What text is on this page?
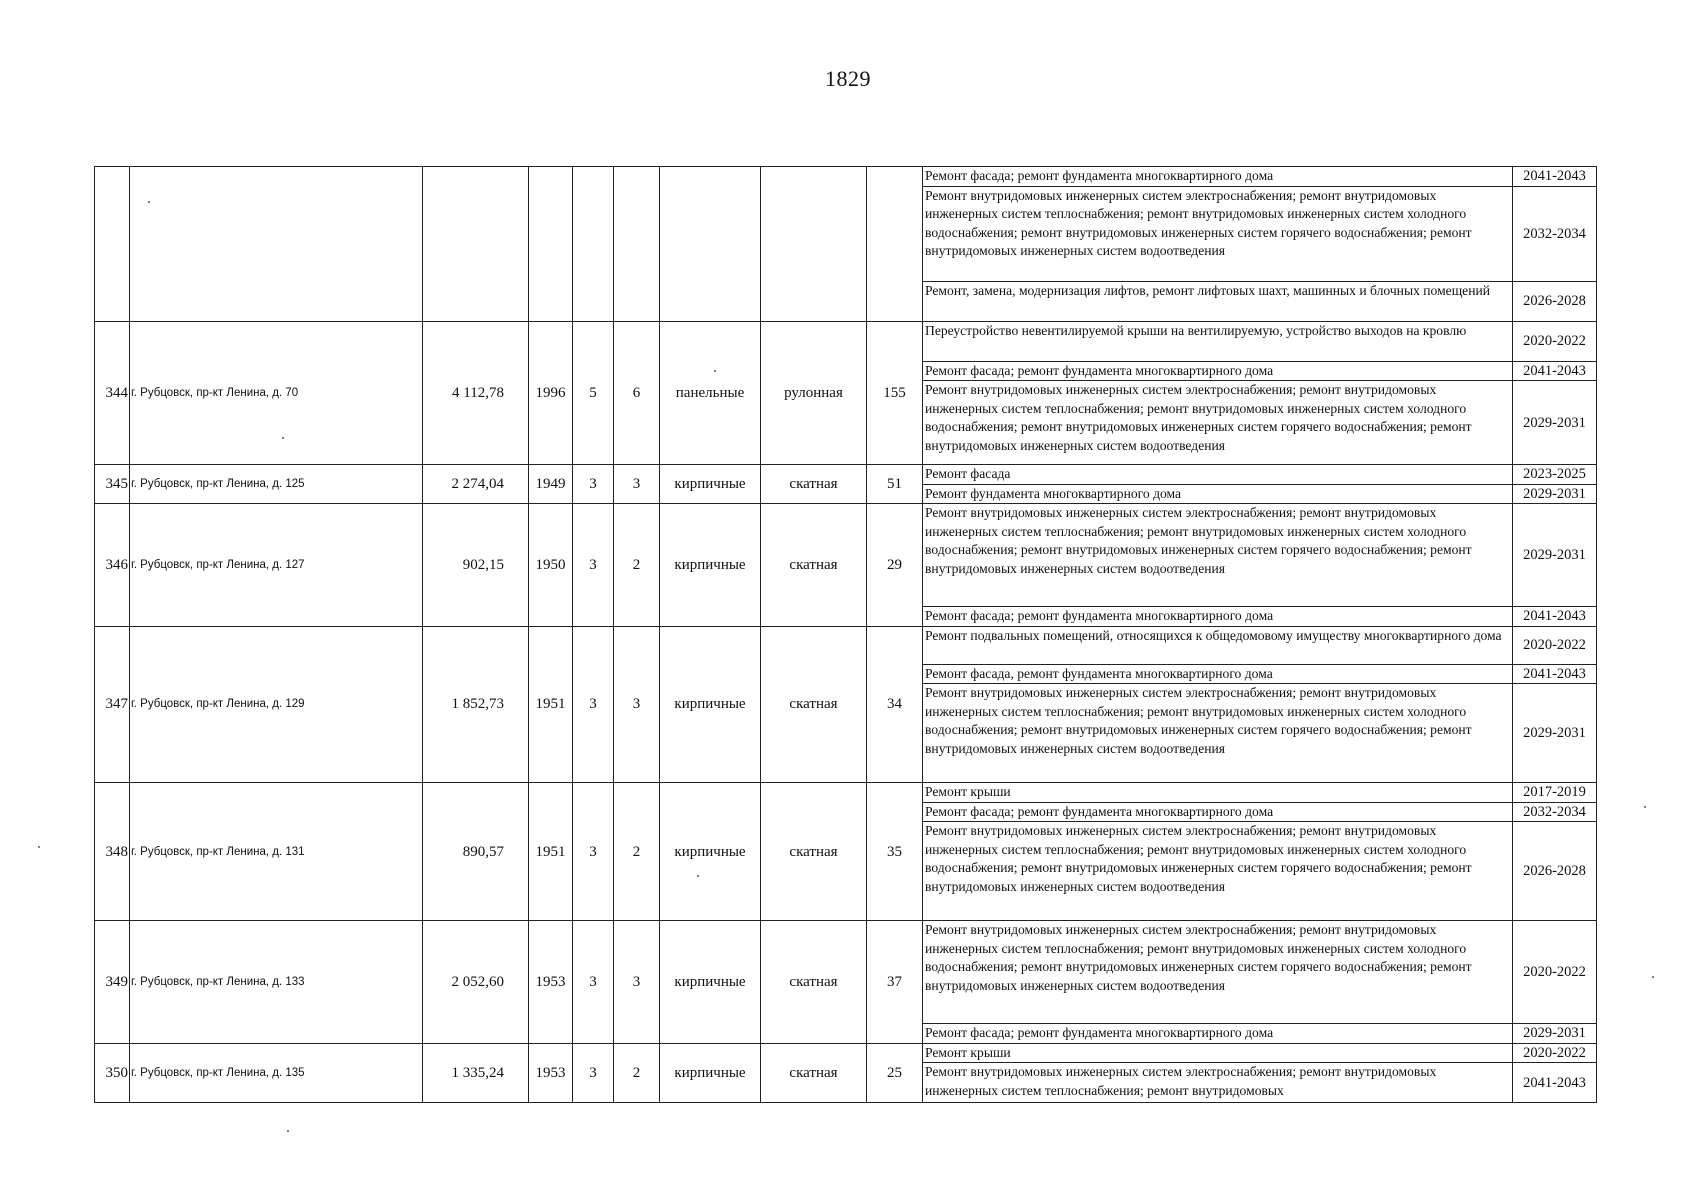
1829
									Ремонт фасада; ремонт фундамента многоквартирного дома	2041-2043
									Ремонт внутридомовых инженерных систем электроснабжения; ремонт внутридомовых инженерных систем теплоснабжения; ремонт внутридомовых инженерных систем холодного водоснабжения; ремонт внутридомовых инженерных систем горячего водоснабжения; ремонт внутридомовых инженерных систем водоотведения	2032-2034
									Ремонт, замена, модернизация лифтов, ремонт лифтовых шахт, машинных и блочных помещений	2026-2028
344	г. Рубцовск, пр-кт Ленина, д. 70	4 112,78	1996	5	6	панельные	рулонная	155	Переустройство невентилируемой крыши на вентилируемую, устройство выходов на кровлю	2020-2022
									Ремонт фасада; ремонт фундамента многоквартирного дома	2041-2043
									Ремонт внутридомовых инженерных систем электроснабжения; ремонт внутридомовых инженерных систем теплоснабжения; ремонт внутридомовых инженерных систем холодного водоснабжения; ремонт внутридомовых инженерных систем горячего водоснабжения; ремонт внутридомовых инженерных систем водоотведения	2029-2031
345	г. Рубцовск, пр-кт Ленина, д. 125	2 274,04	1949	3	3	кирпичные	скатная	51	Ремонт фасада	2023-2025
									Ремонт фундамента многоквартирного дома	2029-2031
346	г. Рубцовск, пр-кт Ленина, д. 127	902,15	1950	3	2	кирпичные	скатная	29	Ремонт внутридомовых инженерных систем электроснабжения; ремонт внутридомовых инженерных систем теплоснабжения; ремонт внутридомовых инженерных систем холодного водоснабжения; ремонт внутридомовых инженерных систем горячего водоснабжения; ремонт внутридомовых инженерных систем водоотведения	2029-2031
									Ремонт фасада; ремонт фундамента многоквартирного дома	2041-2043
347	г. Рубцовск, пр-кт Ленина, д. 129	1 852,73	1951	3	3	кирпичные	скатная	34	Ремонт подвальных помещений, относящихся к общедомовому имуществу многоквартирного дома	2020-2022
									Ремонт фасада, ремонт фундамента многоквартирного дома	2041-2043
									Ремонт внутридомовых инженерных систем электроснабжения; ремонт внутридомовых инженерных систем теплоснабжения; ремонт внутридомовых инженерных систем холодного водоснабжения; ремонт внутридомовых инженерных систем горячего водоснабжения; ремонт внутридомовых инженерных систем водоотведения	2029-2031
348	г. Рубцовск, пр-кт Ленина, д. 131	890,57	1951	3	2	кирпичные	скатная	35	Ремонт крыши	2017-2019
									Ремонт фасада; ремонт фундамента многоквартирного дома	2032-2034
									Ремонт внутридомовых инженерных систем электроснабжения; ремонт внутридомовых инженерных систем теплоснабжения; ремонт внутридомовых инженерных систем холодного водоснабжения; ремонт внутридомовых инженерных систем горячего водоснабжения; ремонт внутридомовых инженерных систем водоотведения	2026-2028
349	г. Рубцовск, пр-кт Ленина, д. 133	2 052,60	1953	3	3	кирпичные	скатная	37	Ремонт внутридомовых инженерных систем электроснабжения; ремонт внутридомовых инженерных систем теплоснабжения; ремонт внутридомовых инженерных систем холодного водоснабжения; ремонт внутридомовых инженерных систем горячего водоснабжения; ремонт внутридомовых инженерных систем водоотведения	2020-2022
									Ремонт фасада; ремонт фундамента многоквартирного дома	2029-2031
350	г. Рубцовск, пр-кт Ленина, д. 135	1 335,24	1953	3	2	кирпичные	скатная	25	Ремонт крыши	2020-2022
									Ремонт внутридомовых инженерных систем электроснабжения; ремонт внутридомовых инженерных систем теплоснабжения; ремонт внутридомовых	2041-2043
